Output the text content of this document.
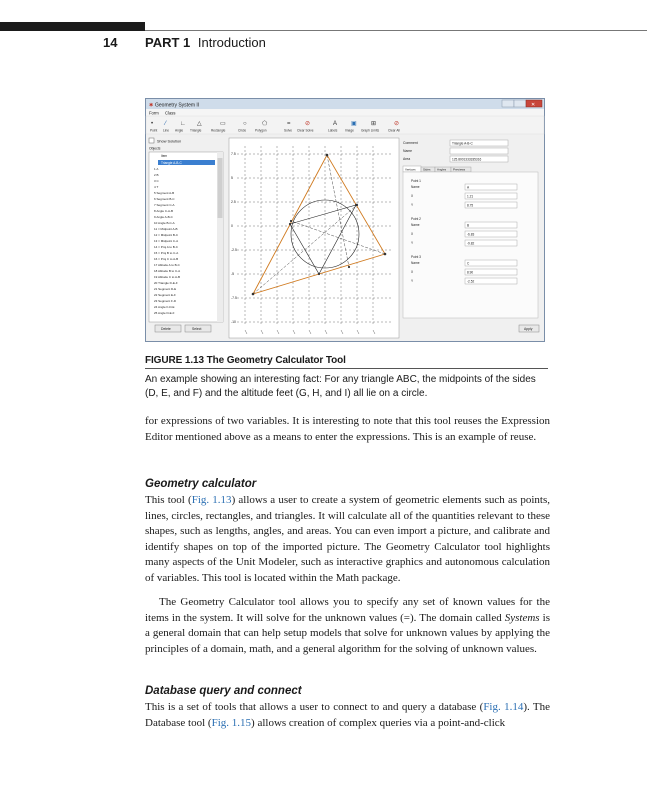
14 PART 1 Introduction
✱ Geometry System II	✕
Form Class
•	⁄ ∟ △	▭	○	⬠	= ⊘	A ▣ ⊞	⊘
Point Line Angle Triangle	Rectangle	Circle	Polygon	Solve Clear Solve	Labels Image Graph Limits	Clear All
Show Solution
Objects
Item
Triangle A-B-C
1 A
2 B
3 C
4 T
5 Segment A-B
6 Segment B-C
7 Segment C-A
8 Angle C-A-B
9 Angle A-B-C
10 Angle B-C-A
11 = Midpoint A-B
12 = Midpoint B-C
13 = Midpoint C-A
14 = Proj A to B-C
15 = Proj B to C-A
16 = Proj C to A-B
17 Altitude A to B-C
18 Altitude B to C-A
19 Altitude C to A-B
20 Triangle D-E-F
21 Segment D-E
22 Segment E-F
23 Segment F-D
24 Angle F-D-E
25 Angle D-E-F
Delete	Select
7.5
5
2.5
0
-2.5
-5
-7.5
-10
Comment	Triangle A-B-C
Name
Area	125.8001333335316
Vertices Sides Angles Previews
Point 1
Name	A
X	1.21
Y	8.75
Point 2
Name	B
X	-6.83
Y	-9.82
Point 3
Name	C
X	8.90
Y	-2.52
Apply
FIGURE 1.13 The Geometry Calculator Tool
An example showing an interesting fact: For any triangle ABC, the midpoints of the sides (D, E, and F) and the altitude feet (G, H, and I) all lie on a circle.
for expressions of two variables. It is interesting to note that this tool reuses the Expression Editor mentioned above as a means to enter the expressions. This is an example of reuse.
Geometry calculator
This tool (Fig. 1.13) allows a user to create a system of geometric elements such as points, lines, circles, rectangles, and triangles. It will calculate all of the quantities relevant to these shapes, such as lengths, angles, and areas. You can even import a picture, and calibrate and identify shapes on top of the imported picture. The Geometry Calculator tool highlights many aspects of the Unit Modeler, such as interactive graphics and autonomous calculation of variables. This tool is located within the Math package.
The Geometry Calculator tool allows you to specify any set of known values for the items in the system. It will solve for the unknown values (=). The domain called Systems is a general domain that can help setup models that solve for unknown values by applying the principles of a domain, math, and a general algorithm for the solving of unknown values.
Database query and connect
This is a set of tools that allows a user to connect to and query a database (Fig. 1.14). The Database tool (Fig. 1.15) allows creation of complex queries via a point-and-click
